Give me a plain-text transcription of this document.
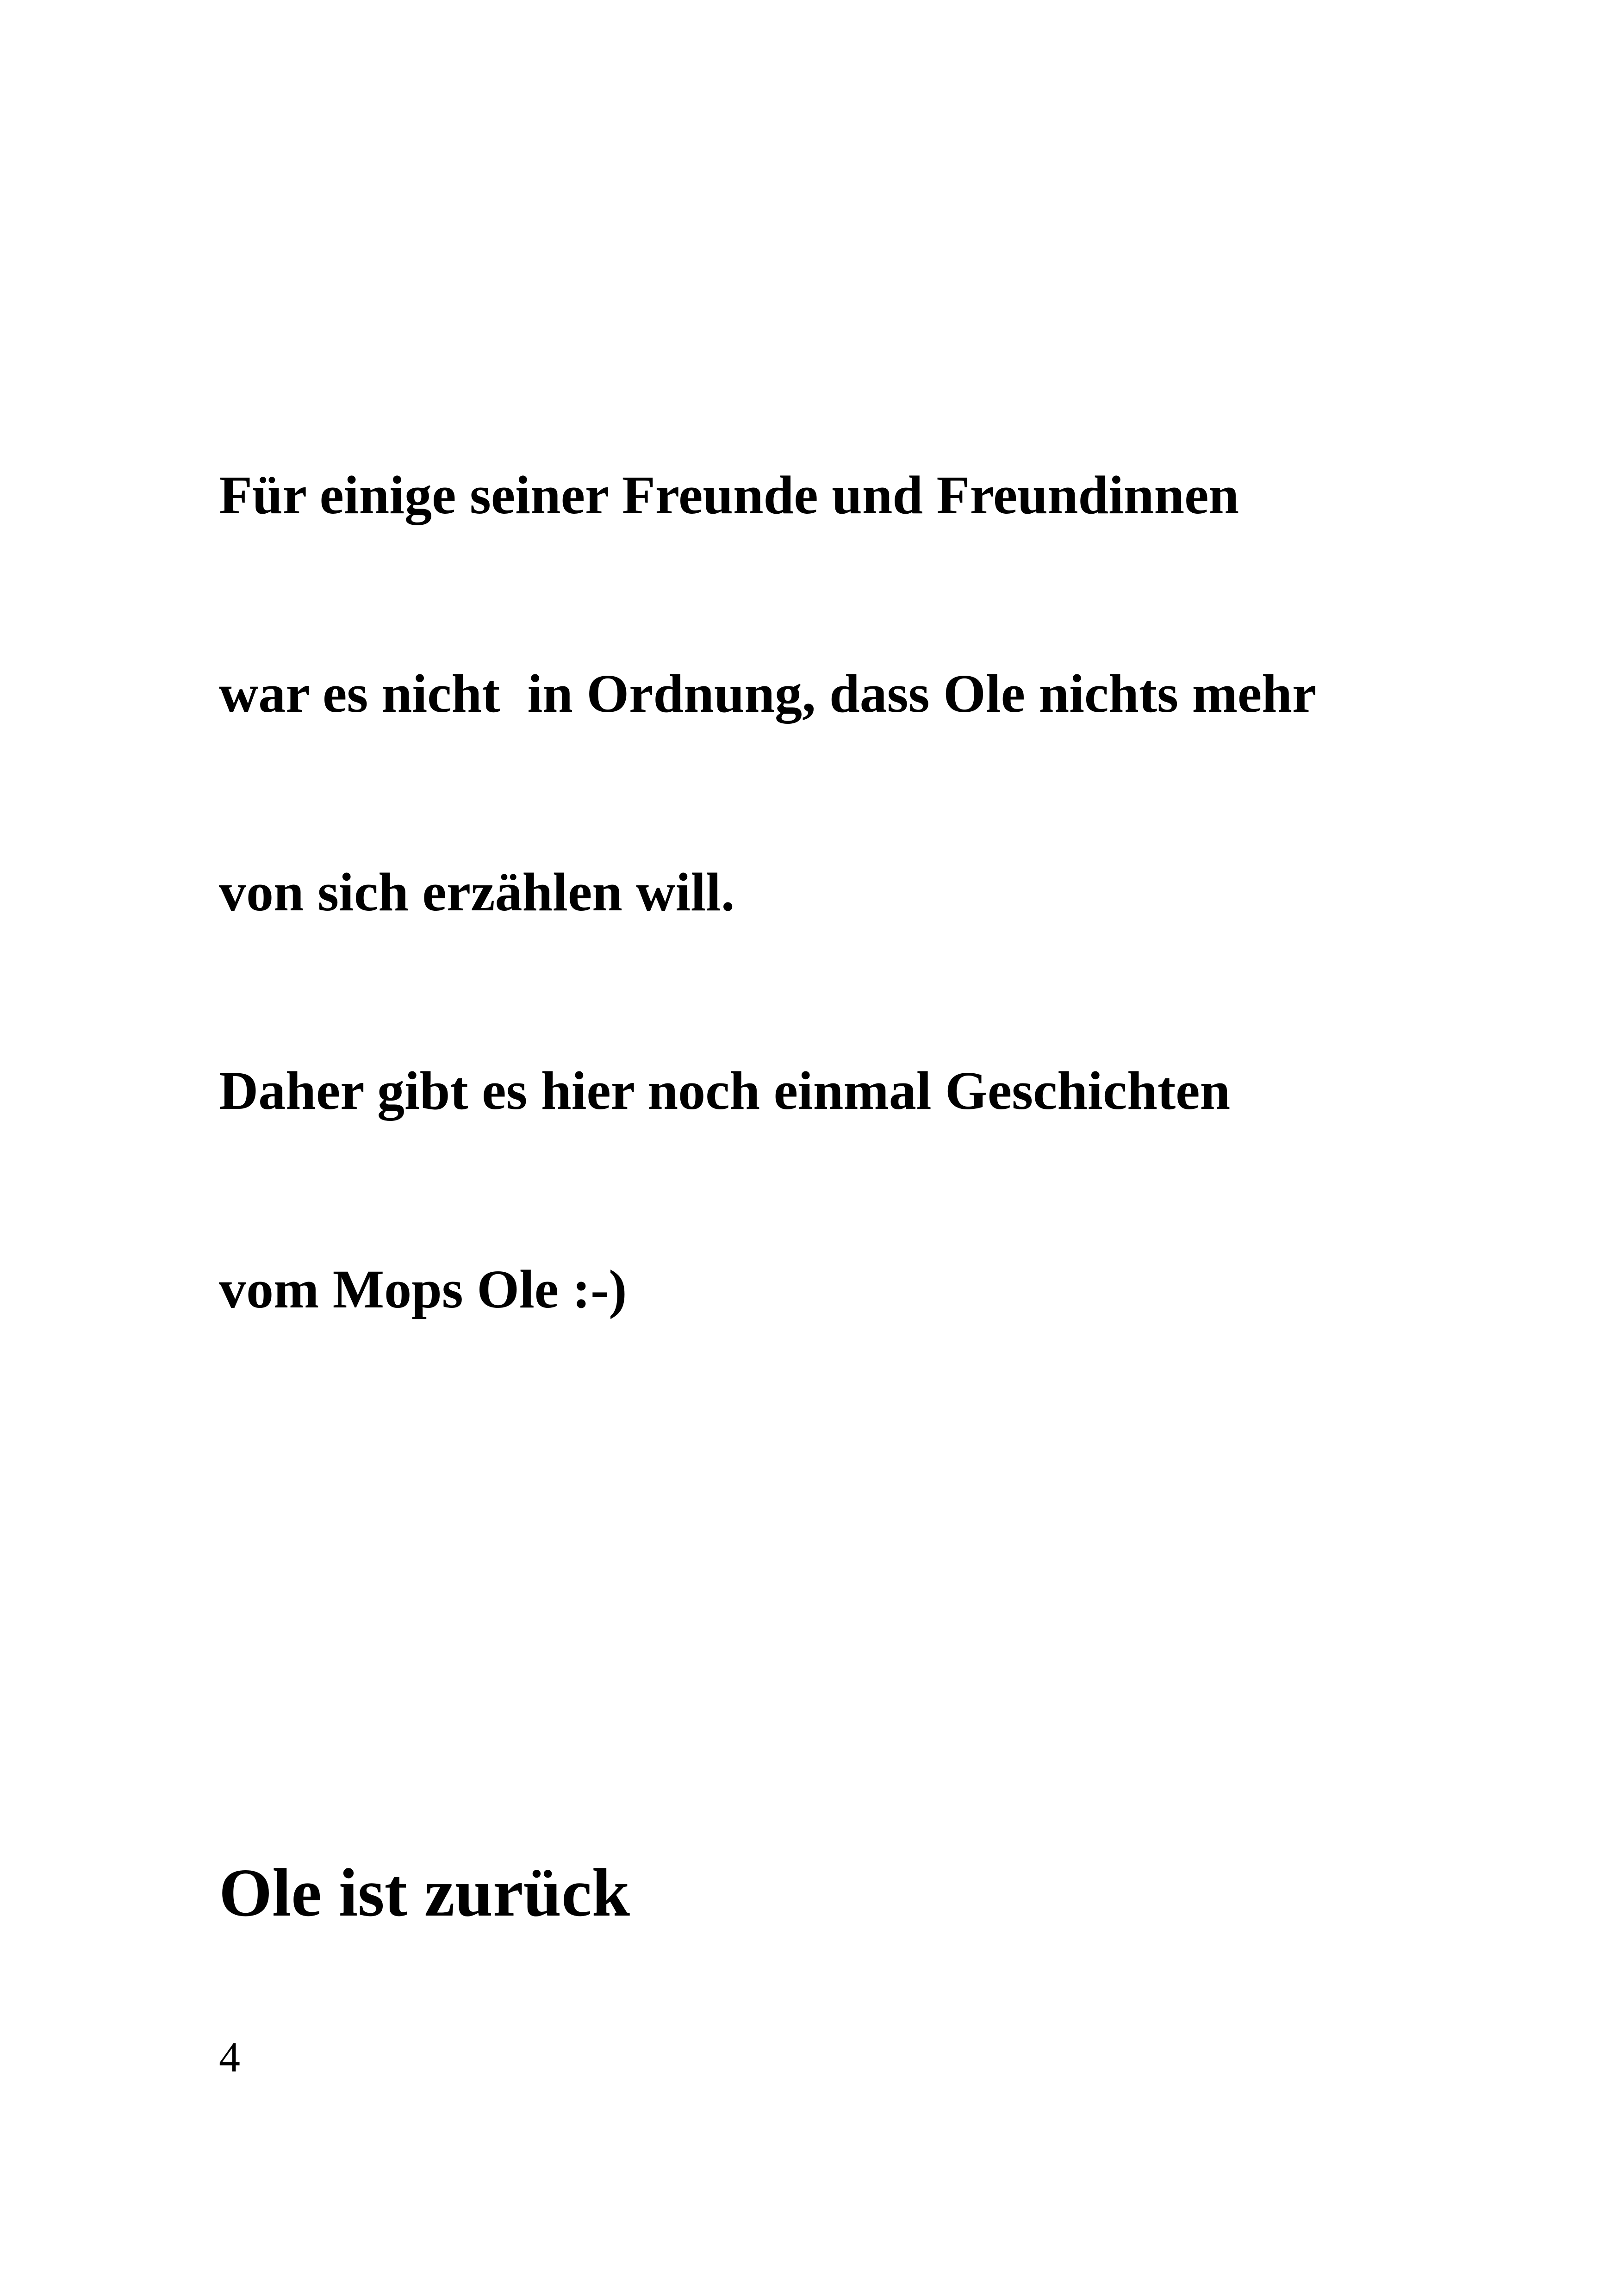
Für einige seiner Freunde und Freundinnen

war es nicht  in Ordnung, dass Ole nichts mehr

von sich erzählen will.

Daher gibt es hier noch einmal Geschichten

vom Mops Ole :-)

Ole ist zurück
4
